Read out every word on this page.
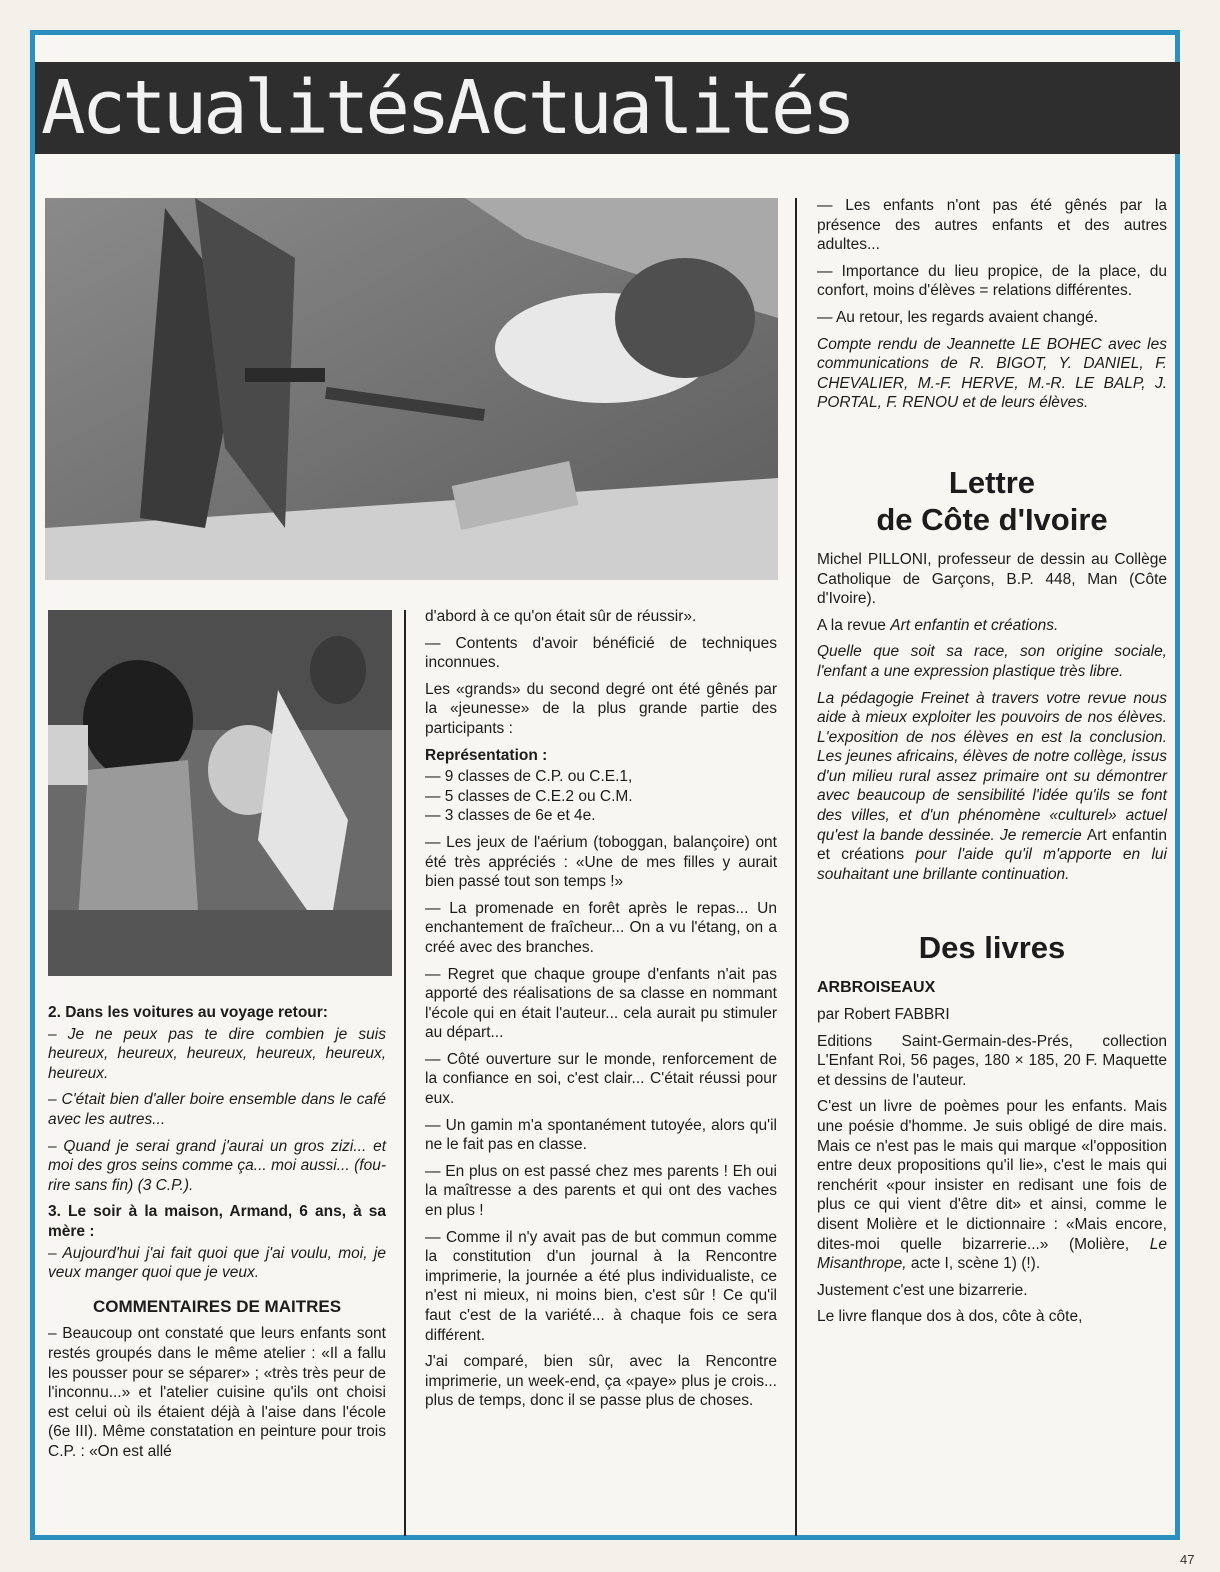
ActualitésActualités

2. Dans les voitures au voyage retour:

– Je ne peux pas te dire combien je suis heureux, heureux, heureux, heureux, heureux, heureux.

– C'était bien d'aller boire ensemble dans le café avec les autres...

– Quand je serai grand j'aurai un gros zizi... et moi des gros seins comme ça... moi aussi... (fou-rire sans fin) (3 C.P.).

3. Le soir à la maison, Armand, 6 ans, à sa mère :

– Aujourd'hui j'ai fait quoi que j'ai voulu, moi, je veux manger quoi que je veux.

COMMENTAIRES DE MAITRES

– Beaucoup ont constaté que leurs enfants sont restés groupés dans le même atelier : «Il a fallu les pousser pour se séparer» ; «très très peur de l'inconnu...» et l'atelier cuisine qu'ils ont choisi est celui où ils étaient déjà à l'aise dans l'école (6e III). Même constatation en peinture pour trois C.P. : «On est allé

d'abord à ce qu'on était sûr de réussir».

— Contents d'avoir bénéficié de techniques inconnues.

Les «grands» du second degré ont été gênés par la «jeunesse» de la plus grande partie des participants :

Représentation :

— 9 classes de C.P. ou C.E.1,

— 5 classes de C.E.2 ou C.M.

— 3 classes de 6e et 4e.

— Les jeux de l'aérium (toboggan, balançoire) ont été très appréciés : «Une de mes filles y aurait bien passé tout son temps !»

— La promenade en forêt après le repas... Un enchantement de fraîcheur... On a vu l'étang, on a créé avec des branches.

— Regret que chaque groupe d'enfants n'ait pas apporté des réalisations de sa classe en nommant l'école qui en était l'auteur... cela aurait pu stimuler au départ...

— Côté ouverture sur le monde, renforcement de la confiance en soi, c'est clair... C'était réussi pour eux.

— Un gamin m'a spontanément tutoyée, alors qu'il ne le fait pas en classe.

— En plus on est passé chez mes parents ! Eh oui la maîtresse a des parents et qui ont des vaches en plus !

— Comme il n'y avait pas de but commun comme la constitution d'un journal à la Rencontre imprimerie, la journée a été plus individualiste, ce n'est ni mieux, ni moins bien, c'est sûr ! Ce qu'il faut c'est de la variété... à chaque fois ce sera différent.

J'ai comparé, bien sûr, avec la Rencontre imprimerie, un week-end, ça «paye» plus je crois... plus de temps, donc il se passe plus de choses.

— Les enfants n'ont pas été gênés par la présence des autres enfants et des autres adultes...

— Importance du lieu propice, de la place, du confort, moins d'élèves = relations différentes.

— Au retour, les regards avaient changé.

Compte rendu de Jeannette LE BOHEC avec les communications de R. BIGOT, Y. DANIEL, F. CHEVALIER, M.-F. HERVE, M.-R. LE BALP, J. PORTAL, F. RENOU et de leurs élèves.

Lettre
de Côte d'Ivoire

Michel PILLONI, professeur de dessin au Collège Catholique de Garçons, B.P. 448, Man (Côte d'Ivoire).

A la revue Art enfantin et créations.

Quelle que soit sa race, son origine sociale, l'enfant a une expression plastique très libre.

La pédagogie Freinet à travers votre revue nous aide à mieux exploiter les pouvoirs de nos élèves. L'exposition de nos élèves en est la conclusion. Les jeunes africains, élèves de notre collège, issus d'un milieu rural assez primaire ont su démontrer avec beaucoup de sensibilité l'idée qu'ils se font des villes, et d'un phénomène «culturel» actuel qu'est la bande dessinée. Je remercie Art enfantin et créations pour l'aide qu'il m'apporte en lui souhaitant une brillante continuation.

Des livres

ARBROISEAUX

par Robert FABBRI

Editions Saint-Germain-des-Prés, collection L'Enfant Roi, 56 pages, 180 × 185, 20 F. Maquette et dessins de l'auteur.

C'est un livre de poèmes pour les enfants. Mais une poésie d'homme. Je suis obligé de dire mais. Mais ce n'est pas le mais qui marque «l'opposition entre deux propositions qu'il lie», c'est le mais qui renchérit «pour insister en redisant une fois de plus ce qui vient d'être dit» et ainsi, comme le disent Molière et le dictionnaire : «Mais encore, dites-moi quelle bizarrerie...» (Molière, Le Misanthrope, acte I, scène 1) (!).

Justement c'est une bizarrerie.

Le livre flanque dos à dos, côte à côte,

47
